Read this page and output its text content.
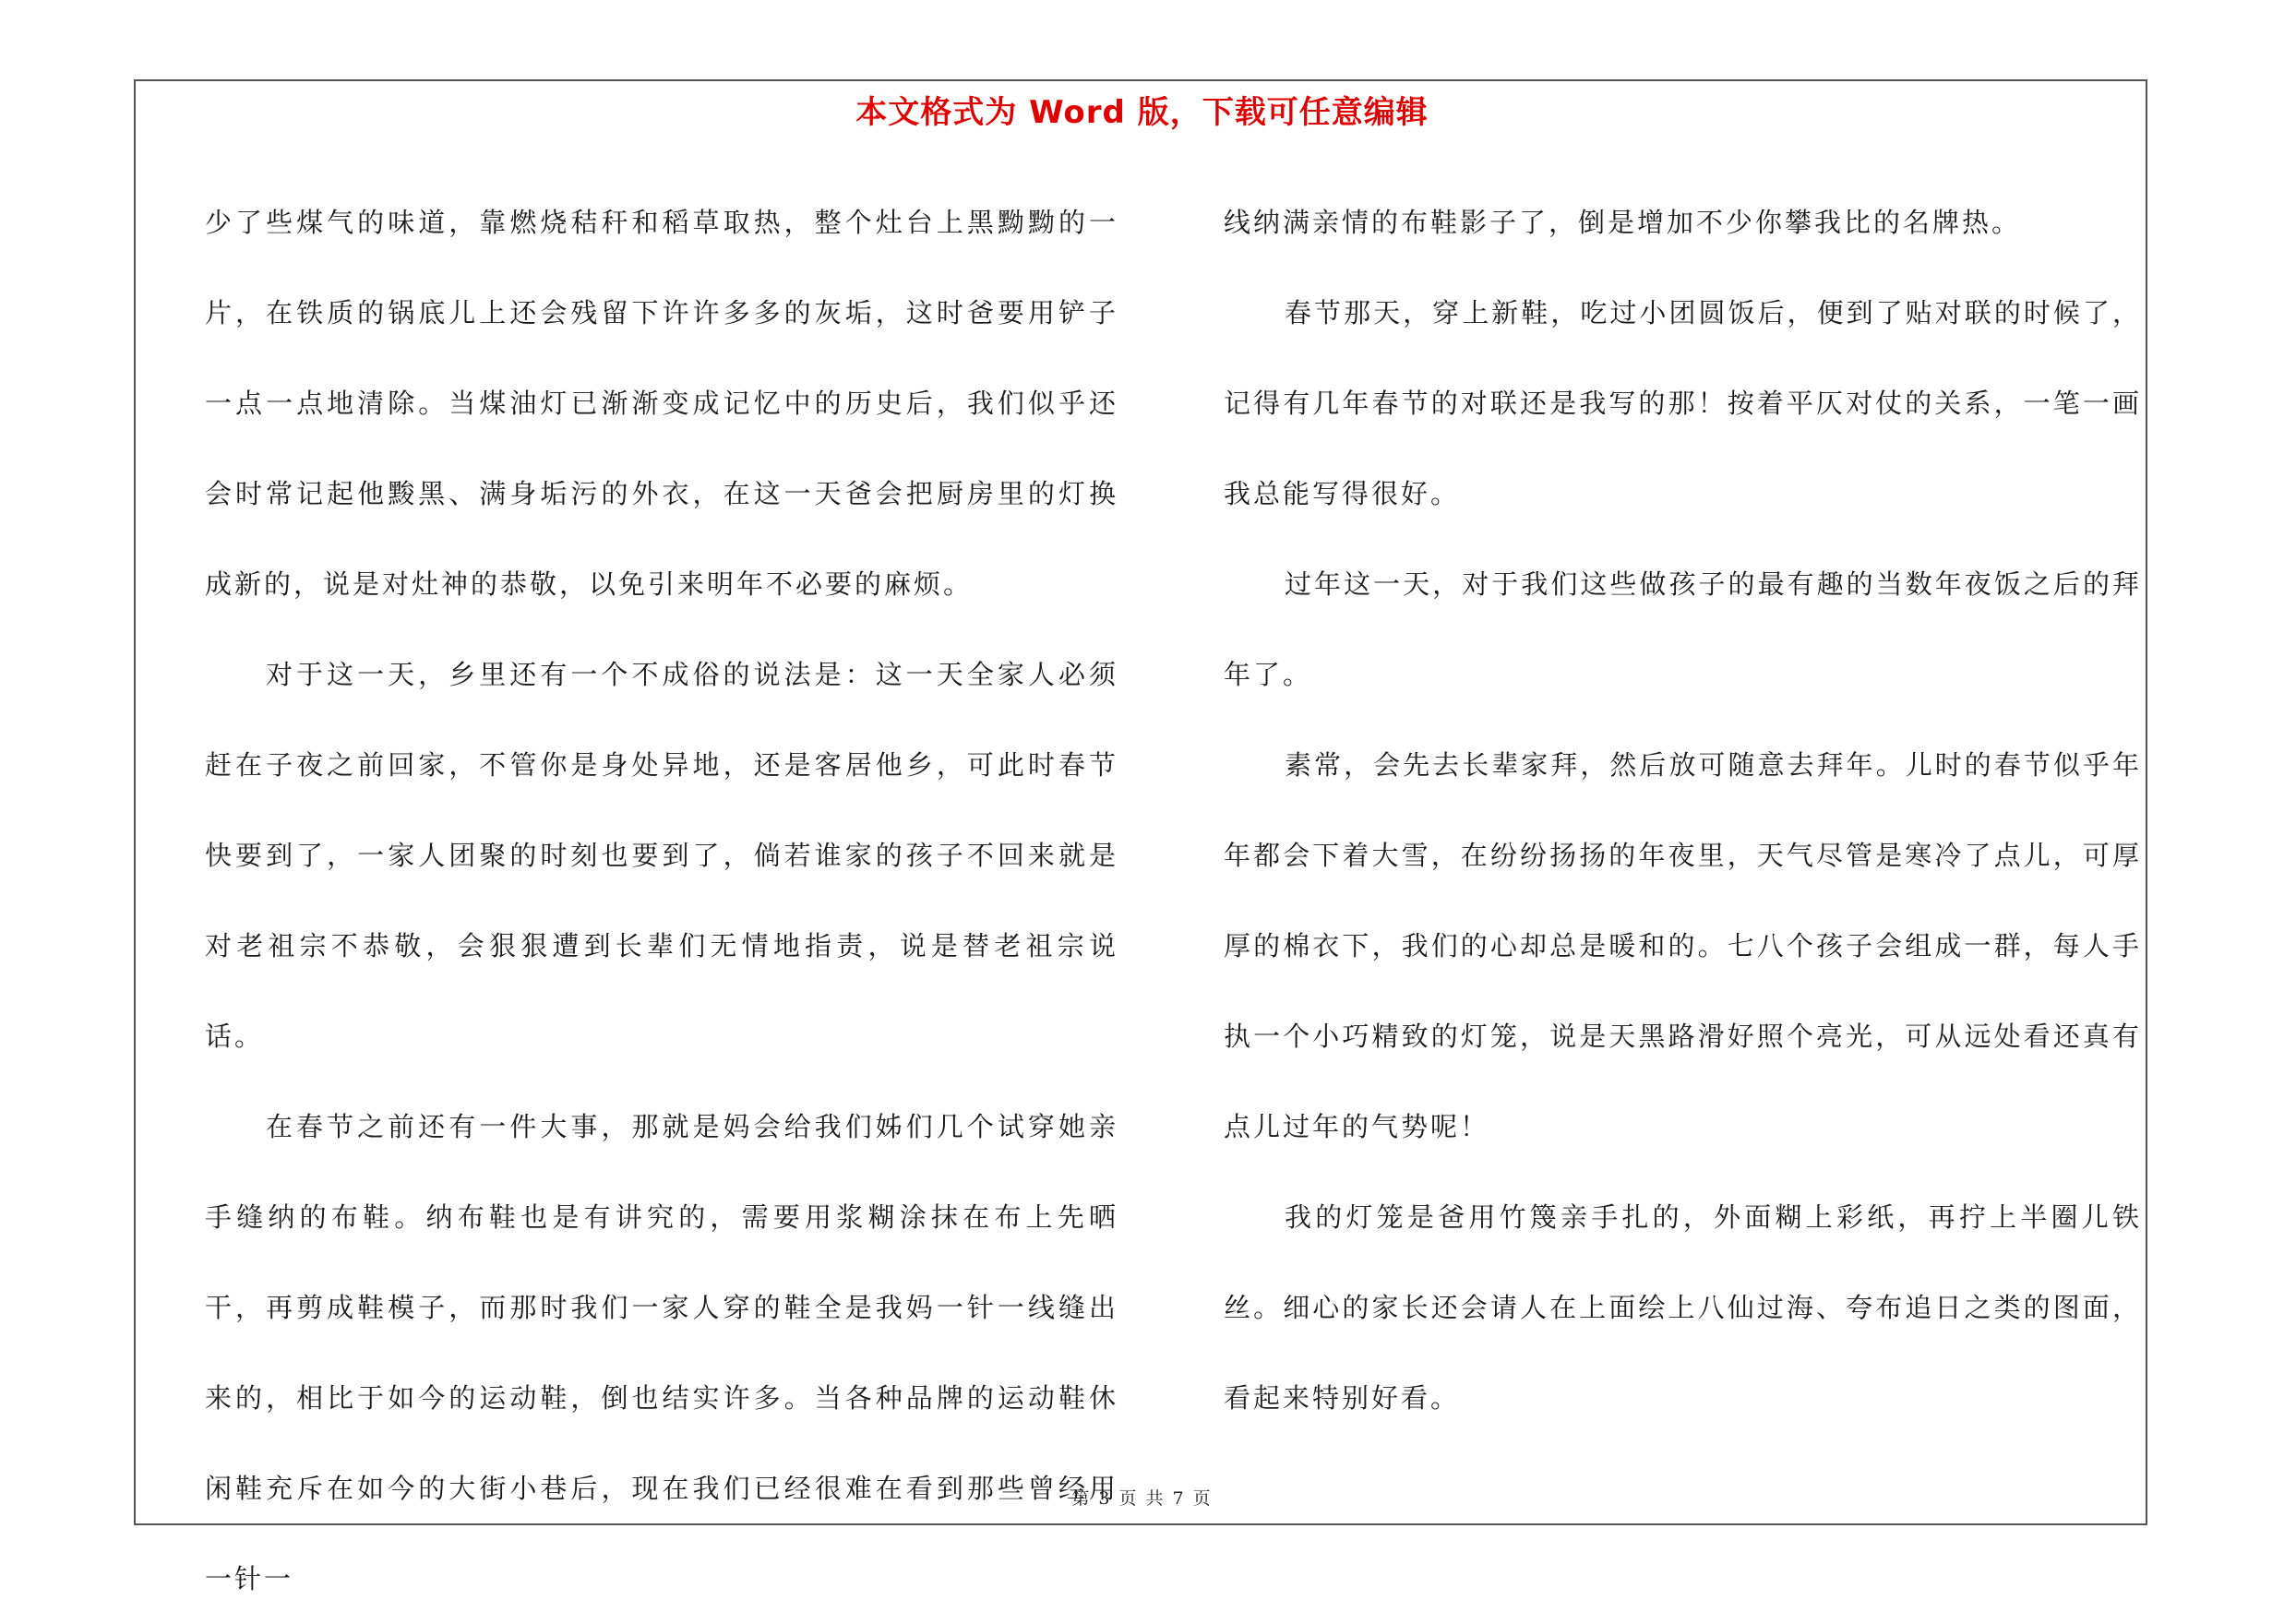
本文格式为 Word 版，下载可任意编辑

少了些煤气的味道，靠燃烧秸秆和稻草取热，整个灶台上黑黝黝的一片，在铁质的锅底儿上还会残留下许许多多的灰垢，这时爸要用铲子一点一点地清除。当煤油灯已渐渐变成记忆中的历史后，我们似乎还会时常记起他黢黑、满身垢污的外衣，在这一天爸会把厨房里的灯换成新的，说是对灶神的恭敬，以免引来明年不必要的麻烦。

对于这一天，乡里还有一个不成俗的说法是：这一天全家人必须赶在子夜之前回家，不管你是身处异地，还是客居他乡，可此时春节快要到了，一家人团聚的时刻也要到了，倘若谁家的孩子不回来就是对老祖宗不恭敬，会狠狠遭到长辈们无情地指责，说是替老祖宗说话。

在春节之前还有一件大事，那就是妈会给我们姊们几个试穿她亲手缝纳的布鞋。纳布鞋也是有讲究的，需要用浆糊涂抹在布上先晒干，再剪成鞋模子，而那时我们一家人穿的鞋全是我妈一针一线缝出来的，相比于如今的运动鞋，倒也结实许多。当各种品牌的运动鞋休闲鞋充斥在如今的大街小巷后，现在我们已经很难在看到那些曾经用一针一

线纳满亲情的布鞋影子了，倒是增加不少你攀我比的名牌热。

春节那天，穿上新鞋，吃过小团圆饭后，便到了贴对联的时候了，记得有几年春节的对联还是我写的那！按着平仄对仗的关系，一笔一画我总能写得很好。

过年这一天，对于我们这些做孩子的最有趣的当数年夜饭之后的拜年了。

素常，会先去长辈家拜，然后放可随意去拜年。儿时的春节似乎年年都会下着大雪，在纷纷扬扬的年夜里，天气尽管是寒冷了点儿，可厚厚的棉衣下，我们的心却总是暖和的。七八个孩子会组成一群，每人手执一个小巧精致的灯笼，说是天黑路滑好照个亮光，可从远处看还真有点儿过年的气势呢！

我的灯笼是爸用竹篾亲手扎的，外面糊上彩纸，再拧上半圈儿铁丝。细心的家长还会请人在上面绘上八仙过海、夸布追日之类的图面，看起来特别好看。

第 3 页 共 7 页
